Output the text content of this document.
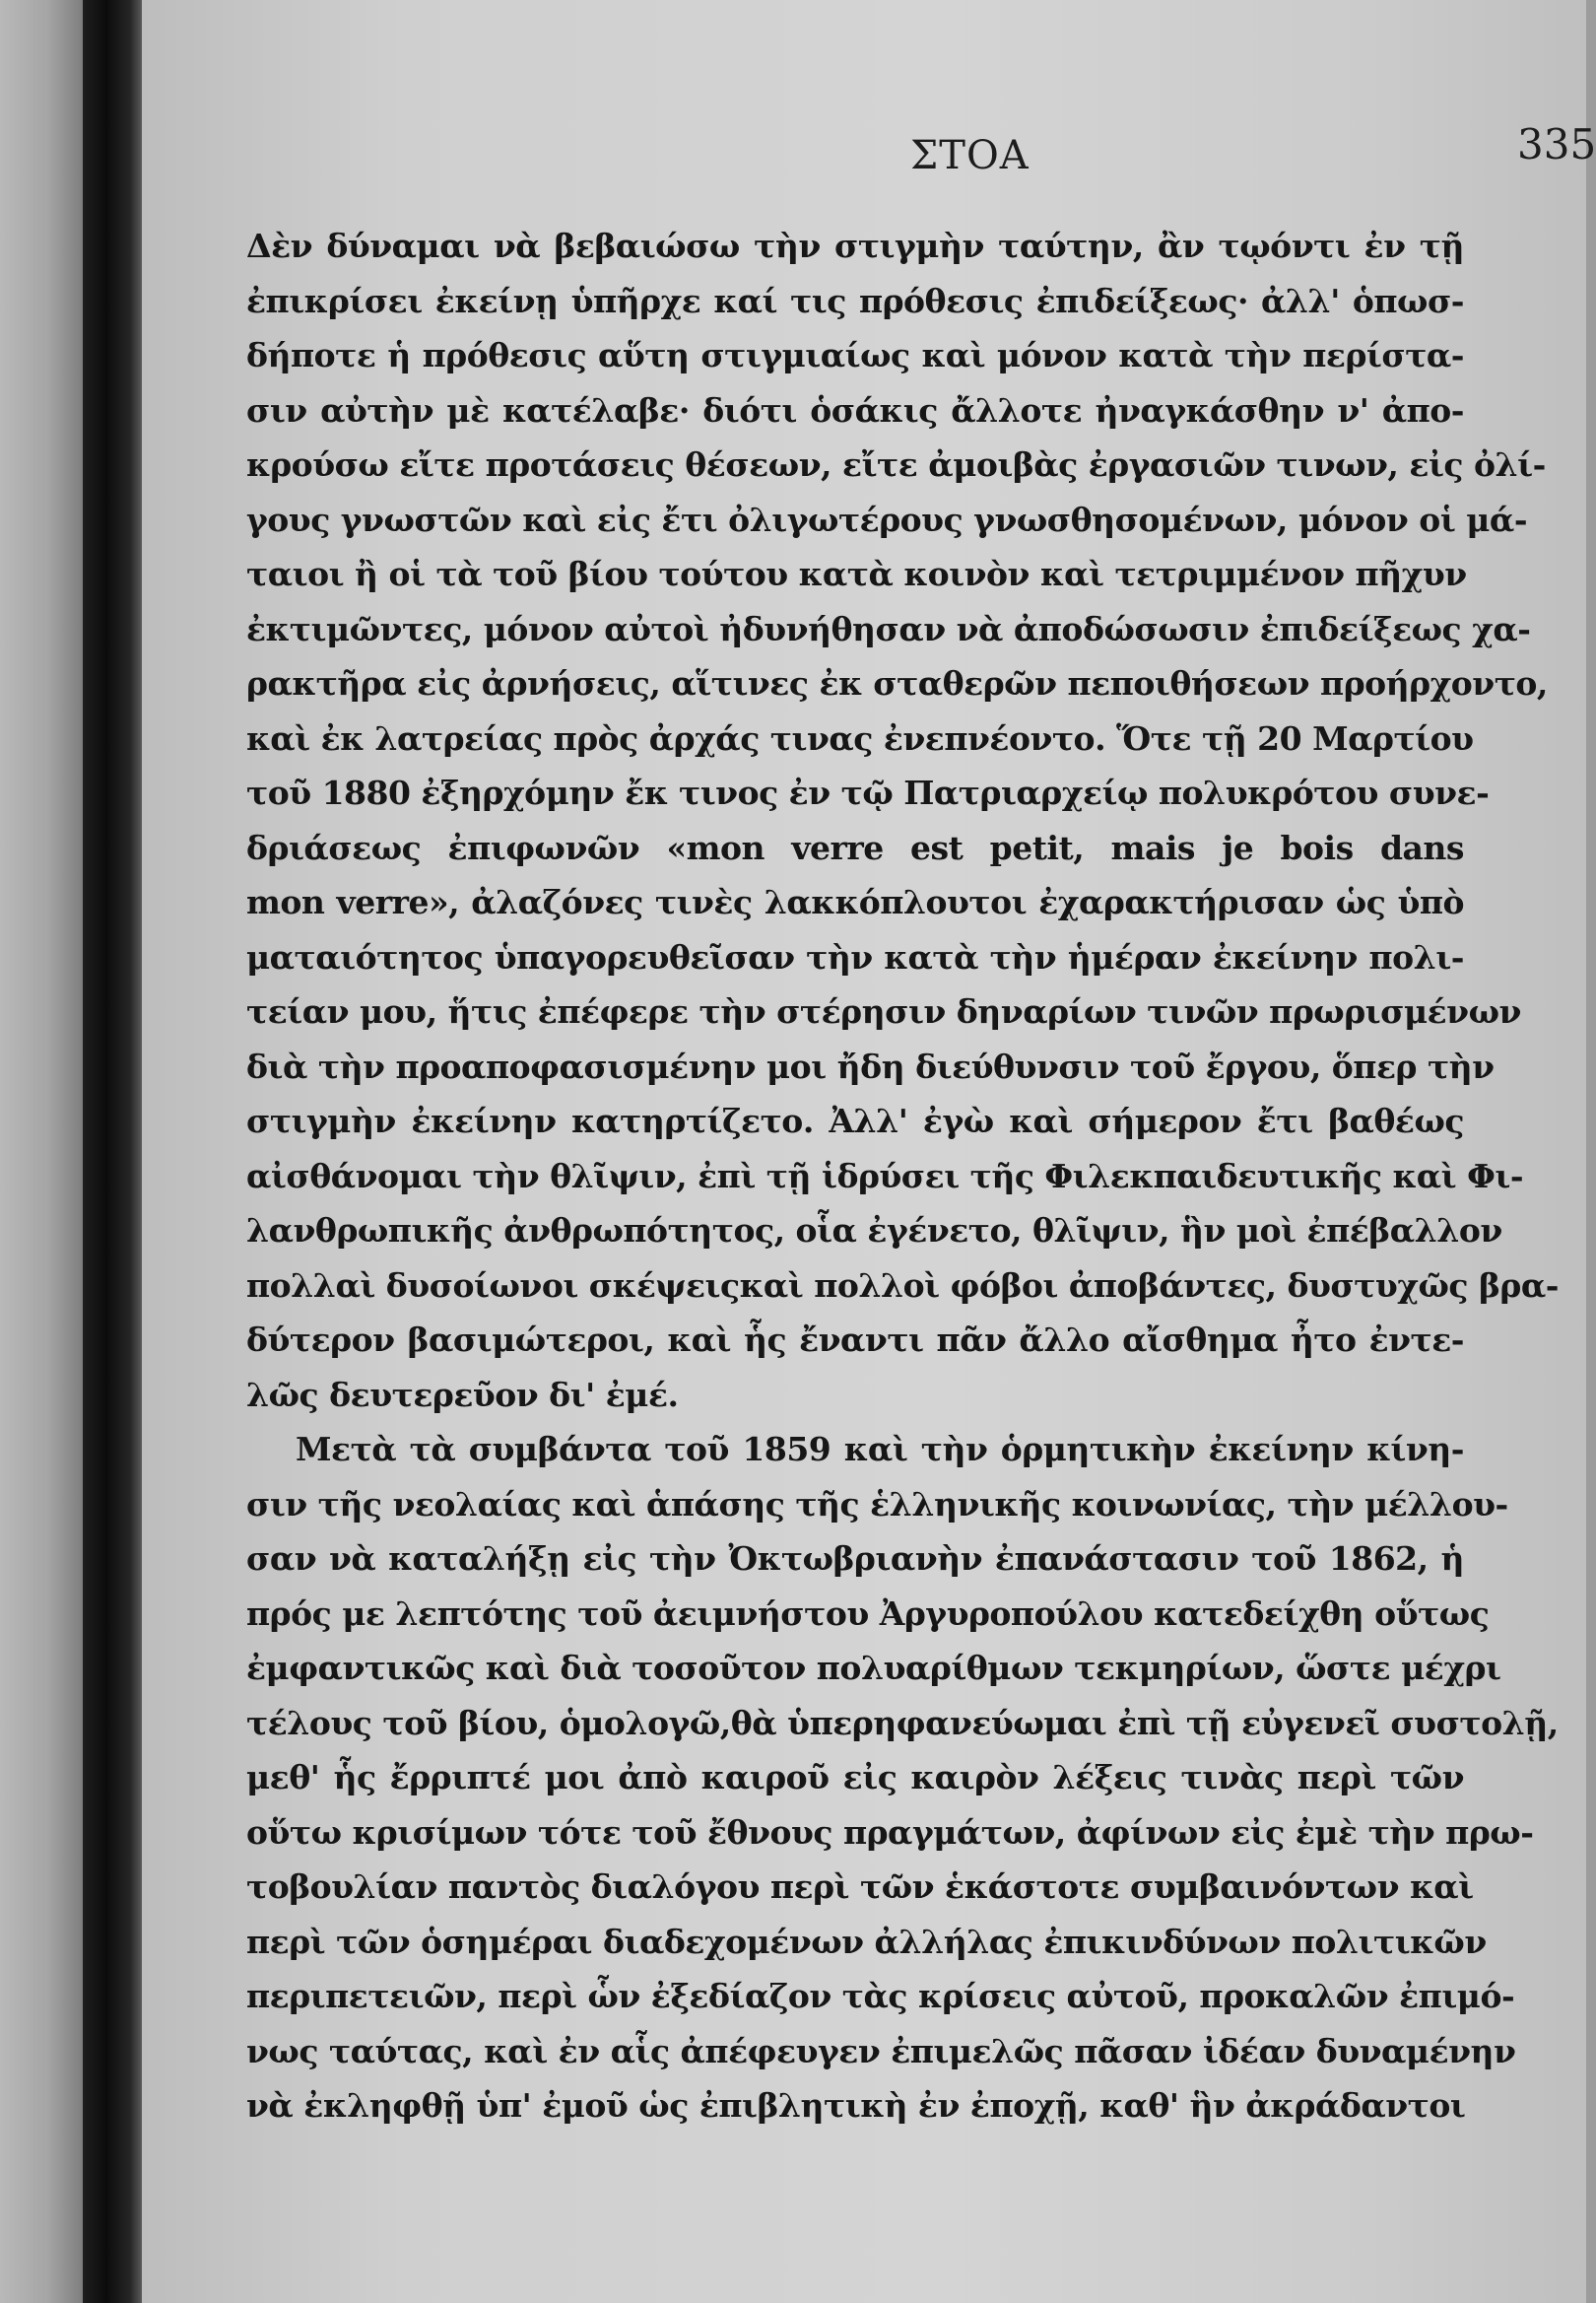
ΣΤΟΑ	335
Δὲν δύναμαι νὰ βεβαιώσω τὴν στιγμὴν ταύτην, ἂν τῳόντι ἐν τῇ
ἐπικρίσει ἐκείνῃ ὑπῆρχε καί τις πρόθεσις ἐπιδείξεως· ἀλλ' ὁπωσ-
δήποτε ἡ πρόθεσις αὕτη στιγμιαίως καὶ μόνον κατὰ τὴν περίστα-
σιν αὐτὴν μὲ κατέλαβε· διότι ὁσάκις ἄλλοτε ἠναγκάσθην ν' ἀπο-
κρούσω εἴτε προτάσεις θέσεων, εἴτε ἀμοιβὰς ἐργασιῶν τινων, εἰς ὀλί-
γους γνωστῶν καὶ εἰς ἔτι ὀλιγωτέρους γνωσθησομένων, μόνον οἱ μά-
ταιοι ἢ οἱ τὰ τοῦ βίου τούτου κατὰ κοινὸν καὶ τετριμμένον πῆχυν
ἐκτιμῶντες, μόνον αὐτοὶ ἠδυνήθησαν νὰ ἀποδώσωσιν ἐπιδείξεως χα-
ρακτῆρα εἰς ἀρνήσεις, αἵτινες ἐκ σταθερῶν πεποιθήσεων προήρχοντο,
καὶ ἐκ λατρείας πρὸς ἀρχάς τινας ἐνεπνέοντο. Ὅτε τῇ 20 Μαρτίου
τοῦ 1880 ἐξηρχόμην ἔκ τινος ἐν τῷ Πατριαρχείῳ πολυκρότου συνε-
δριάσεως ἐπιφωνῶν «mon verre est petit, mais je bois dans
mon verre», ἀλαζόνες τινὲς λακκόπλουτοι ἐχαρακτήρισαν ὡς ὑπὸ
ματαιότητος ὑπαγορευθεῖσαν τὴν κατὰ τὴν ἡμέραν ἐκείνην πολι-
τείαν μου, ἥτις ἐπέφερε τὴν στέρησιν δηναρίων τινῶν πρωρισμένων
διὰ τὴν προαποφασισμένην μοι ἤδη διεύθυνσιν τοῦ ἔργου, ὅπερ τὴν
στιγμὴν ἐκείνην κατηρτίζετο. Ἀλλ' ἐγὼ καὶ σήμερον ἔτι βαθέως
αἰσθάνομαι τὴν θλῖψιν, ἐπὶ τῇ ἱδρύσει τῆς Φιλεκπαιδευτικῆς καὶ Φι-
λανθρωπικῆς ἀνθρωπότητος, οἷα ἐγένετο, θλῖψιν, ἣν μοὶ ἐπέβαλλον
πολλαὶ δυσοίωνοι σκέψειςκαὶ πολλοὶ φόβοι ἀποβάντες, δυστυχῶς βρα-
δύτερον βασιμώτεροι, καὶ ἧς ἔναντι πᾶν ἄλλο αἴσθημα ἦτο ἐντε-
λῶς δευτερεῦον δι' ἐμέ.
Μετὰ τὰ συμβάντα τοῦ 1859 καὶ τὴν ὁρμητικὴν ἐκείνην κίνη-
σιν τῆς νεολαίας καὶ ἁπάσης τῆς ἑλληνικῆς κοινωνίας, τὴν μέλλου-
σαν νὰ καταλήξῃ εἰς τὴν Ὀκτωβριανὴν ἐπανάστασιν τοῦ 1862, ἡ
πρός με λεπτότης τοῦ ἀειμνήστου Ἀργυροπούλου κατεδείχθη οὕτως
ἐμφαντικῶς καὶ διὰ τοσοῦτον πολυαρίθμων τεκμηρίων, ὥστε μέχρι
τέλους τοῦ βίου, ὁμολογῶ,θὰ ὑπερηφανεύωμαι ἐπὶ τῇ εὐγενεῖ συστολῇ,
μεθ' ἧς ἔρριπτέ μοι ἀπὸ καιροῦ εἰς καιρὸν λέξεις τινὰς περὶ τῶν
οὕτω κρισίμων τότε τοῦ ἔθνους πραγμάτων, ἀφίνων εἰς ἐμὲ τὴν πρω-
τοβουλίαν παντὸς διαλόγου περὶ τῶν ἑκάστοτε συμβαινόντων καὶ
περὶ τῶν ὁσημέραι διαδεχομένων ἀλλήλας ἐπικινδύνων πολιτικῶν
περιπετειῶν, περὶ ὧν ἐξεδίαζον τὰς κρίσεις αὐτοῦ, προκαλῶν ἐπιμό-
νως ταύτας, καὶ ἐν αἷς ἀπέφευγεν ἐπιμελῶς πᾶσαν ἰδέαν δυναμένην
νὰ ἐκληφθῇ ὑπ' ἐμοῦ ὡς ἐπιβλητικὴ ἐν ἐποχῇ, καθ' ἣν ἀκράδαντοι
